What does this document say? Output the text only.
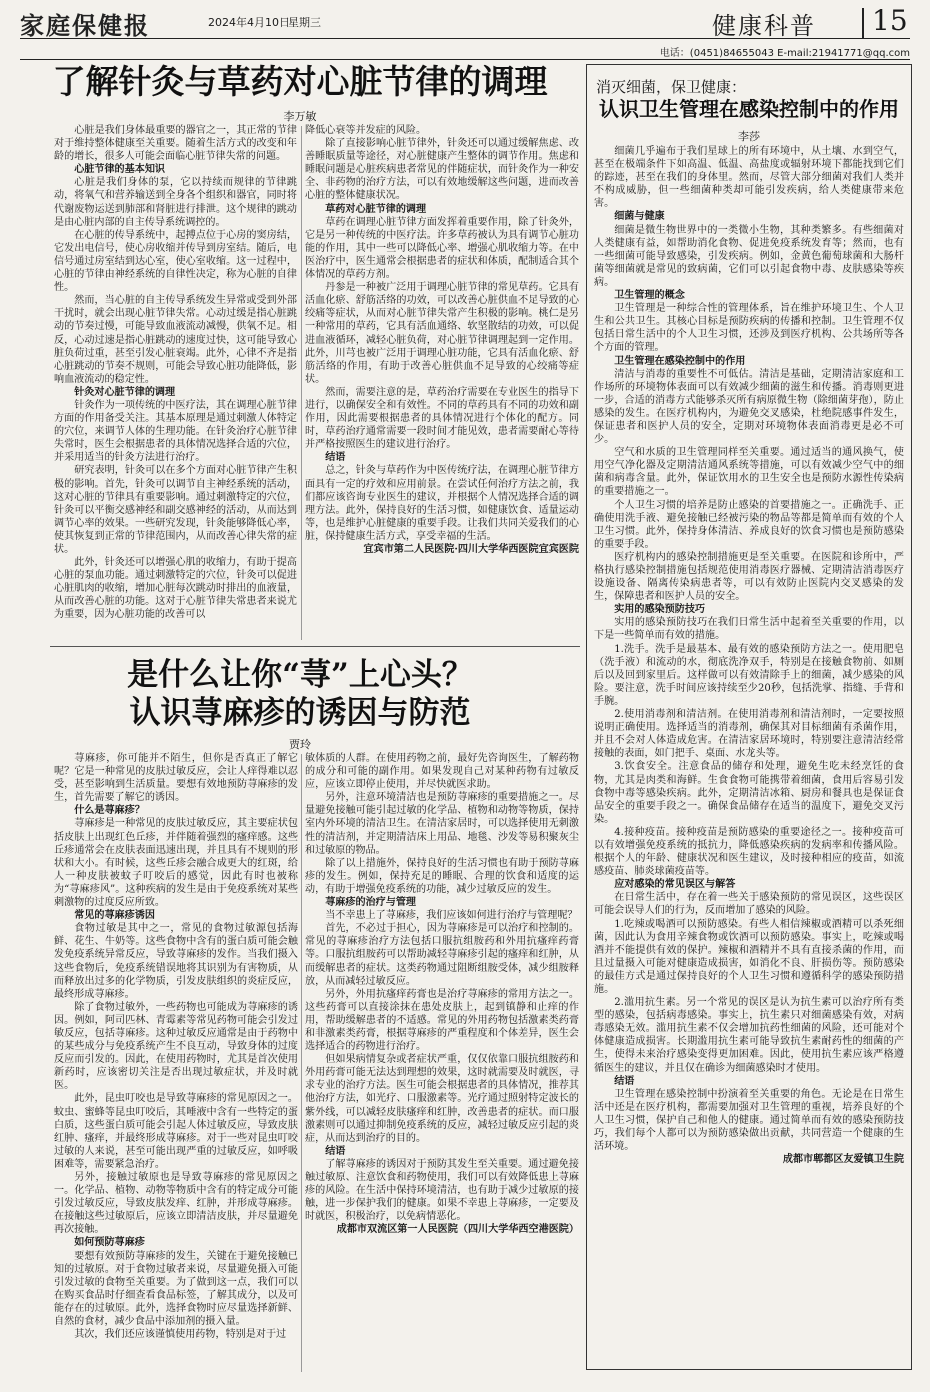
家庭保健报	2024年4月10日
星期三	健康科普 15
电话：(0451)84655043 E-mail:21941771@qq.com
了解针灸与草药对心脏节律的调理
李万敏

心脏是我们身体最重要的器官之一，其正常的节律对于维持整体健康至关重要。随着生活方式的改变和年龄的增长，很多人可能会面临心脏节律失常的问题。

心脏节律的基本知识

心脏是我们身体的泵，它以持续而规律的节律跳动，将氧气和营养输送到全身各个组织和器官，同时将代谢废物运送到肺部和肾脏进行排泄。这个规律的跳动是由心脏内部的自主传导系统调控的。

在心脏的传导系统中，起搏点位于心房的窦房结，它发出电信号，使心房收缩并传导到房室结。随后，电信号通过房室结到达心室，使心室收缩。这一过程中，心脏的节律由神经系统的自律性决定，称为心脏的自律性。

然而，当心脏的自主传导系统发生异常或受到外部干扰时，就会出现心脏节律失常。心动过缓是指心脏跳动的节奏过慢，可能导致血液流动减慢，供氧不足。相反，心动过速是指心脏跳动的速度过快，这可能导致心脏负荷过重，甚至引发心脏衰竭。此外，心律不齐是指心脏跳动的节奏不规则，可能会导致心脏功能降低，影响血液流动的稳定性。

针灸对心脏节律的调理

针灸作为一项传统的中医疗法，其在调理心脏节律方面的作用备受关注。其基本原理是通过刺激人体特定的穴位，来调节人体的生理功能。在针灸治疗心脏节律失常时，医生会根据患者的具体情况选择合适的穴位，并采用适当的针灸方法进行治疗。

研究表明，针灸可以在多个方面对心脏节律产生积极的影响。首先，针灸可以调节自主神经系统的活动，这对心脏的节律具有重要影响。通过刺激特定的穴位，针灸可以平衡交感神经和副交感神经的活动，从而达到调节心率的效果。一些研究发现，针灸能够降低心率，使其恢复到正常的节律范围内，从而改善心律失常的症状。

此外，针灸还可以增强心肌的收缩力，有助于提高心脏的泵血功能。通过刺激特定的穴位，针灸可以促进心脏肌肉的收缩，增加心脏每次跳动时排出的血液量，从而改善心脏的功能。这对于心脏节律失常患者来说尤为重要，因为心脏功能的改善可以

降低心衰等并发症的风险。

除了直接影响心脏节律外，针灸还可以通过缓解焦虑、改善睡眠质量等途径，对心脏健康产生整体的调节作用。焦虑和睡眠问题是心脏疾病患者常见的伴随症状，而针灸作为一种安全、非药物的治疗方法，可以有效地缓解这些问题，进而改善心脏的整体健康状况。

草药对心脏节律的调理

草药在调理心脏节律方面发挥着重要作用，除了针灸外，它是另一种传统的中医疗法。许多草药被认为具有调节心脏功能的作用，其中一些可以降低心率、增强心肌收缩力等。在中医治疗中，医生通常会根据患者的症状和体质，配制适合其个体情况的草药方剂。

丹参是一种被广泛用于调理心脏节律的常见草药。它具有活血化瘀、舒筋活络的功效，可以改善心脏供血不足导致的心绞痛等症状，从而对心脏节律失常产生积极的影响。桃仁是另一种常用的草药，它具有活血通络、软坚散结的功效，可以促进血液循环，减轻心脏负荷，对心脏节律调理起到一定作用。此外，川芎也被广泛用于调理心脏功能，它具有活血化瘀、舒筋活络的作用，有助于改善心脏供血不足导致的心绞痛等症状。

然而，需要注意的是，草药治疗需要在专业医生的指导下进行，以确保安全和有效性。不同的草药具有不同的功效和副作用，因此需要根据患者的具体情况进行个体化的配方。同时，草药治疗通常需要一段时间才能见效，患者需要耐心等待并严格按照医生的建议进行治疗。

结语

总之，针灸与草药作为中医传统疗法，在调理心脏节律方面具有一定的疗效和应用前景。在尝试任何治疗方法之前，我们都应该咨询专业医生的建议，并根据个人情况选择合适的调理方法。此外，保持良好的生活习惯，如健康饮食、适量运动等，也是维护心脏健康的重要手段。让我们共同关爱我们的心脏，保持健康生活方式，享受幸福的生活。

宜宾市第二人民医院·四川大学华西医院宜宾医院

是什么让你“荨”上心头？
认识荨麻疹的诱因与防范
贾玲

荨麻疹，你可能并不陌生，但你是否真正了解它呢？它是一种常见的皮肤过敏反应，会让人痒得难以忍受，甚至影响到生活质量。要想有效地预防荨麻疹的发生，首先需要了解它的诱因。

什么是荨麻疹？

荨麻疹是一种常见的皮肤过敏反应，其主要症状包括皮肤上出现红色丘疹，并伴随着强烈的瘙痒感。这些丘疹通常会在皮肤表面迅速出现，并且具有不规则的形状和大小。有时候，这些丘疹会融合成更大的红斑，给人一种皮肤被蚊子叮咬后的感觉，因此有时也被称为“荨麻疹风”。这种疾病的发生是由于免疫系统对某些刺激物的过度反应所致。

常见的荨麻疹诱因

食物过敏是其中之一，常见的食物过敏源包括海鲜、花生、牛奶等。这些食物中含有的蛋白质可能会触发免疫系统异常反应，导致荨麻疹的发作。当我们摄入这些食物后，免疫系统错误地将其识别为有害物质，从而释放出过多的化学物质，引发皮肤组织的炎症反应，最终形成荨麻疹。

除了食物过敏外，一些药物也可能成为荨麻疹的诱因。例如，阿司匹林、青霉素等常见药物可能会引发过敏反应，包括荨麻疹。这种过敏反应通常是由于药物中的某些成分与免疫系统产生不良互动，导致身体的过度反应而引发的。因此，在使用药物时，尤其是首次使用新药时，应该密切关注是否出现过敏症状，并及时就医。

此外，昆虫叮咬也是导致荨麻疹的常见原因之一。蚊虫、蜜蜂等昆虫叮咬后，其唾液中含有一些特定的蛋白质，这些蛋白质可能会引起人体过敏反应，导致皮肤红肿、瘙痒，并最终形成荨麻疹。对于一些对昆虫叮咬过敏的人来说，甚至可能出现严重的过敏反应，如呼吸困难等，需要紧急治疗。

另外，接触过敏原也是导致荨麻疹的常见原因之一。化学品、植物、动物等物质中含有的特定成分可能引发过敏反应，导致皮肤发痒、红肿，并形成荨麻疹。在接触这些过敏原后，应该立即清洁皮肤，并尽量避免再次接触。

如何预防荨麻疹

要想有效预防荨麻疹的发生，关键在于避免接触已知的过敏原。对于食物过敏者来说，尽量避免摄入可能引发过敏的食物至关重要。为了做到这一点，我们可以在购买食品时仔细查看食品标签，了解其成分，以及可能存在的过敏原。此外，选择食物时应尽量选择新鲜、自然的食材，减少食品中添加剂的摄入量。

其次，我们还应该谨慎使用药物，特别是对于过

敏体质的人群。在使用药物之前，最好先咨询医生，了解药物的成分和可能的副作用。如果发现自己对某种药物有过敏反应，应该立即停止使用，并尽快就医求助。

另外，注意环境清洁也是预防荨麻疹的重要措施之一。尽量避免接触可能引起过敏的化学品、植物和动物等物质，保持室内外环境的清洁卫生。在清洁家居时，可以选择使用无刺激性的清洁剂，并定期清洁床上用品、地毯、沙发等易积聚灰尘和过敏原的物品。

除了以上措施外，保持良好的生活习惯也有助于预防荨麻疹的发生。例如，保持充足的睡眠、合理的饮食和适度的运动，有助于增强免疫系统的功能，减少过敏反应的发生。

荨麻疹的治疗与管理

当不幸患上了荨麻疹，我们应该如何进行治疗与管理呢？

首先，不必过于担心，因为荨麻疹是可以治疗和控制的。常见的荨麻疹治疗方法包括口服抗组胺药和外用抗瘙痒药膏等。口服抗组胺药可以帮助减轻荨麻疹引起的瘙痒和红肿，从而缓解患者的症状。这类药物通过阻断组胺受体，减少组胺释放，从而减轻过敏反应。

另外，外用抗瘙痒药膏也是治疗荨麻疹的常用方法之一。这些药膏可以直接涂抹在患处皮肤上，起到镇静和止痒的作用，帮助缓解患者的不适感。常见的外用药物包括激素类药膏和非激素类药膏，根据荨麻疹的严重程度和个体差异，医生会选择适合的药物进行治疗。

但如果病情复杂或者症状严重，仅仅依靠口服抗组胺药和外用药膏可能无法达到理想的效果，这时就需要及时就医，寻求专业的治疗方法。医生可能会根据患者的具体情况，推荐其他治疗方法，如光疗、口服激素等。光疗通过照射特定波长的紫外线，可以减轻皮肤瘙痒和红肿，改善患者的症状。而口服激素则可以通过抑制免疫系统的反应，减轻过敏反应引起的炎症，从而达到治疗的目的。

结语

了解荨麻疹的诱因对于预防其发生至关重要。通过避免接触过敏原、注意饮食和药物使用，我们可以有效降低患上荨麻疹的风险。在生活中保持环境清洁，也有助于减少过敏原的接触，进一步保护我们的健康。如果不幸患上荨麻疹，一定要及时就医，积极治疗，以免病情恶化。

成都市双流区第一人民医院（四川大学华西空港医院）

消灭细菌，保卫健康：
认识卫生管理在感染控制中的作用
李莎

细菌几乎遍布于我们星球上的所有环境中，从土壤、水到空气，甚至在极端条件下如高温、低温、高盐度或辐射环境下都能找到它们的踪迹，甚至在我们的身体里。然而，尽管大部分细菌对我们人类并不构成威胁，但一些细菌种类却可能引发疾病，给人类健康带来危害。

细菌与健康

细菌是微生物世界中的一类微小生物，其种类繁多。有些细菌对人类健康有益，如帮助消化食物、促进免疫系统发育等；然而，也有一些细菌可能导致感染，引发疾病。例如，金黄色葡萄球菌和大肠杆菌等细菌就是常见的致病菌，它们可以引起食物中毒、皮肤感染等疾病。

卫生管理的概念

卫生管理是一种综合性的管理体系，旨在维护环境卫生、个人卫生和公共卫生。其核心目标是预防疾病的传播和控制。卫生管理不仅包括日常生活中的个人卫生习惯，还涉及到医疗机构、公共场所等各个方面的管理。

卫生管理在感染控制中的作用

清洁与消毒的重要性不可低估。清洁是基础，定期清洁家庭和工作场所的环境物体表面可以有效减少细菌的滋生和传播。消毒则更进一步，合适的消毒方式能够杀灭所有病原微生物（除细菌芽孢），防止感染的发生。在医疗机构内，为避免交叉感染，杜绝院感事件发生，保证患者和医护人员的安全，定期对环境物体表面消毒更是必不可少。

空气和水质的卫生管理同样至关重要。通过适当的通风换气，使用空气净化器及定期清洁通风系统等措施，可以有效减少空气中的细菌和病毒含量。此外，保证饮用水的卫生安全也是预防水源性传染病的重要措施之一。

个人卫生习惯的培养是防止感染的首要措施之一。正确洗手、正确使用洗手液、避免接触已经被污染的物品等都是简单而有效的个人卫生习惯。此外，保持身体清洁、养成良好的饮食习惯也是预防感染的重要手段。

医疗机构内的感染控制措施更是至关重要。在医院和诊所中，严格执行感染控制措施包括规范使用消毒医疗器械、定期清洁消毒医疗设施设备、隔离传染病患者等，可以有效防止医院内交叉感染的发生，保障患者和医护人员的安全。

实用的感染预防技巧

实用的感染预防技巧在我们日常生活中起着至关重要的作用，以下是一些简单而有效的措施。

1.洗手。洗手是最基本、最有效的感染预防方法之一。使用肥皂（洗手液）和流动的水，彻底洗净双手，特别是在接触食物前、如厕后以及回到家里后。这样做可以有效清除手上的细菌，减少感染的风险。要注意，洗手时间应该持续至少20秒，包括洗掌、指缝、手背和手腕。

2.使用消毒剂和清洁剂。在使用消毒剂和清洁剂时，一定要按照说明正确使用。选择适当的消毒剂，确保其对目标细菌有杀菌作用，并且不会对人体造成危害。在清洁家居环境时，特别要注意清洁经常接触的表面，如门把手、桌面、水龙头等。

3.饮食安全。注意食品的储存和处理，避免生吃未经烹饪的食物，尤其是肉类和海鲜。生食食物可能携带着细菌，食用后容易引发食物中毒等感染疾病。此外，定期清洁冰箱、厨房和餐具也是保证食品安全的重要手段之一。确保食品储存在适当的温度下，避免交叉污染。

4.接种疫苗。接种疫苗是预防感染的重要途径之一。接种疫苗可以有效增强免疫系统的抵抗力，降低感染疾病的发病率和传播风险。根据个人的年龄、健康状况和医生建议，及时接种相应的疫苗，如流感疫苗、肺炎球菌疫苗等。

应对感染的常见误区与解答

在日常生活中，存在着一些关于感染预防的常见误区，这些误区可能会误导人们的行为，反而增加了感染的风险。

1.吃辣或喝酒可以预防感染。有些人相信辣椒或酒精可以杀死细菌，因此认为食用辛辣食物或饮酒可以预防感染。事实上，吃辣或喝酒并不能提供有效的保护。辣椒和酒精并不具有直接杀菌的作用，而且过量摄入可能对健康造成损害，如消化不良、肝损伤等。预防感染的最佳方式是通过保持良好的个人卫生习惯和遵循科学的感染预防措施。

2.滥用抗生素。另一个常见的误区是认为抗生素可以治疗所有类型的感染，包括病毒感染。事实上，抗生素只对细菌感染有效，对病毒感染无效。滥用抗生素不仅会增加抗药性细菌的风险，还可能对个体健康造成损害。长期滥用抗生素可能导致抗生素耐药性的细菌的产生，使得未来治疗感染变得更加困难。因此，使用抗生素应该严格遵循医生的建议，并且仅在确诊为细菌感染时才使用。

结语

卫生管理在感染控制中扮演着至关重要的角色。无论是在日常生活中还是在医疗机构，都需要加强对卫生管理的重视，培养良好的个人卫生习惯，保护自己和他人的健康。通过简单而有效的感染预防技巧，我们每个人都可以为预防感染做出贡献，共同营造一个健康的生活环境。

成都市郫都区友爱镇卫生院
